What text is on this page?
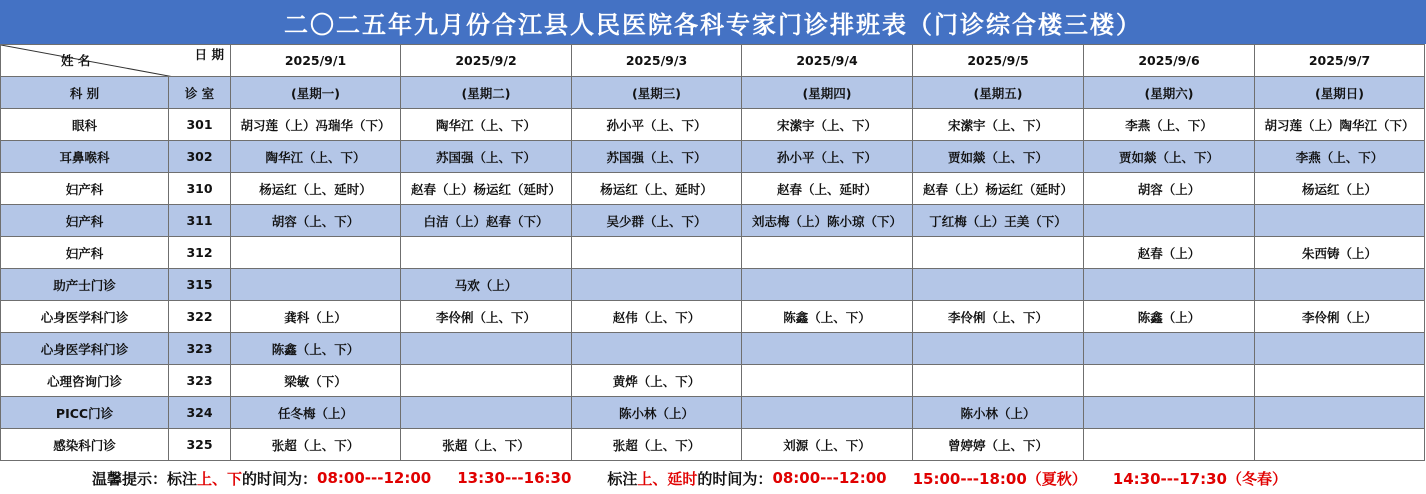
二〇二五年九月份合江县人民医院各科专家门诊排班表（门诊综合楼三楼）
日 期
姓 名		2025/9/1	2025/9/2	2025/9/3	2025/9/4	2025/9/5	2025/9/6	2025/9/7
科 别	诊 室	(星期一)	(星期二)	(星期三)	(星期四)	(星期五)	(星期六)	(星期日)
眼科	301	胡习莲（上）冯瑞华（下）	陶华江（上、下）	孙小平（上、下）	宋潆宇（上、下）	宋潆宇（上、下）	李燕（上、下）	胡习莲（上）陶华江（下）
耳鼻喉科	302	陶华江（上、下）	苏国强（上、下）	苏国强（上、下）	孙小平（上、下）	贾如燚（上、下）	贾如燚（上、下）	李燕（上、下）
妇产科	310	杨运红（上、延时）	赵春（上）杨运红（延时）	杨运红（上、延时）	赵春（上、延时）	赵春（上）杨运红（延时）	胡容（上）	杨运红（上）
妇产科	311	胡容（上、下）	白洁（上）赵春（下）	吴少群（上、下）	刘志梅（上）陈小琼（下）	丁红梅（上）王美（下）		
妇产科	312						赵春（上）	朱西铸（上）
助产士门诊	315		马欢（上）					
心身医学科门诊	322	龚科（上）	李伶俐（上、下）	赵伟（上、下）	陈鑫（上、下）	李伶俐（上、下）	陈鑫（上）	李伶俐（上）
心身医学科门诊	323	陈鑫（上、下）						
心理咨询门诊	323	梁敏（下）		黄烨（上、下）				
PICC门诊	324	任冬梅（上）		陈小林（上）		陈小林（上）		
感染科门诊	325	张超（上、下）	张超（上、下）	张超（上、下）	刘源（上、下）	曾婷婷（上、下）		
温馨提示：标注 上、下 的时间为： 08:00---12:00 13:30---16:30 标注 上、延时 的时间为： 08:00---12:00 15:00---18:00（夏秋） 14:30---17:30（冬春）
